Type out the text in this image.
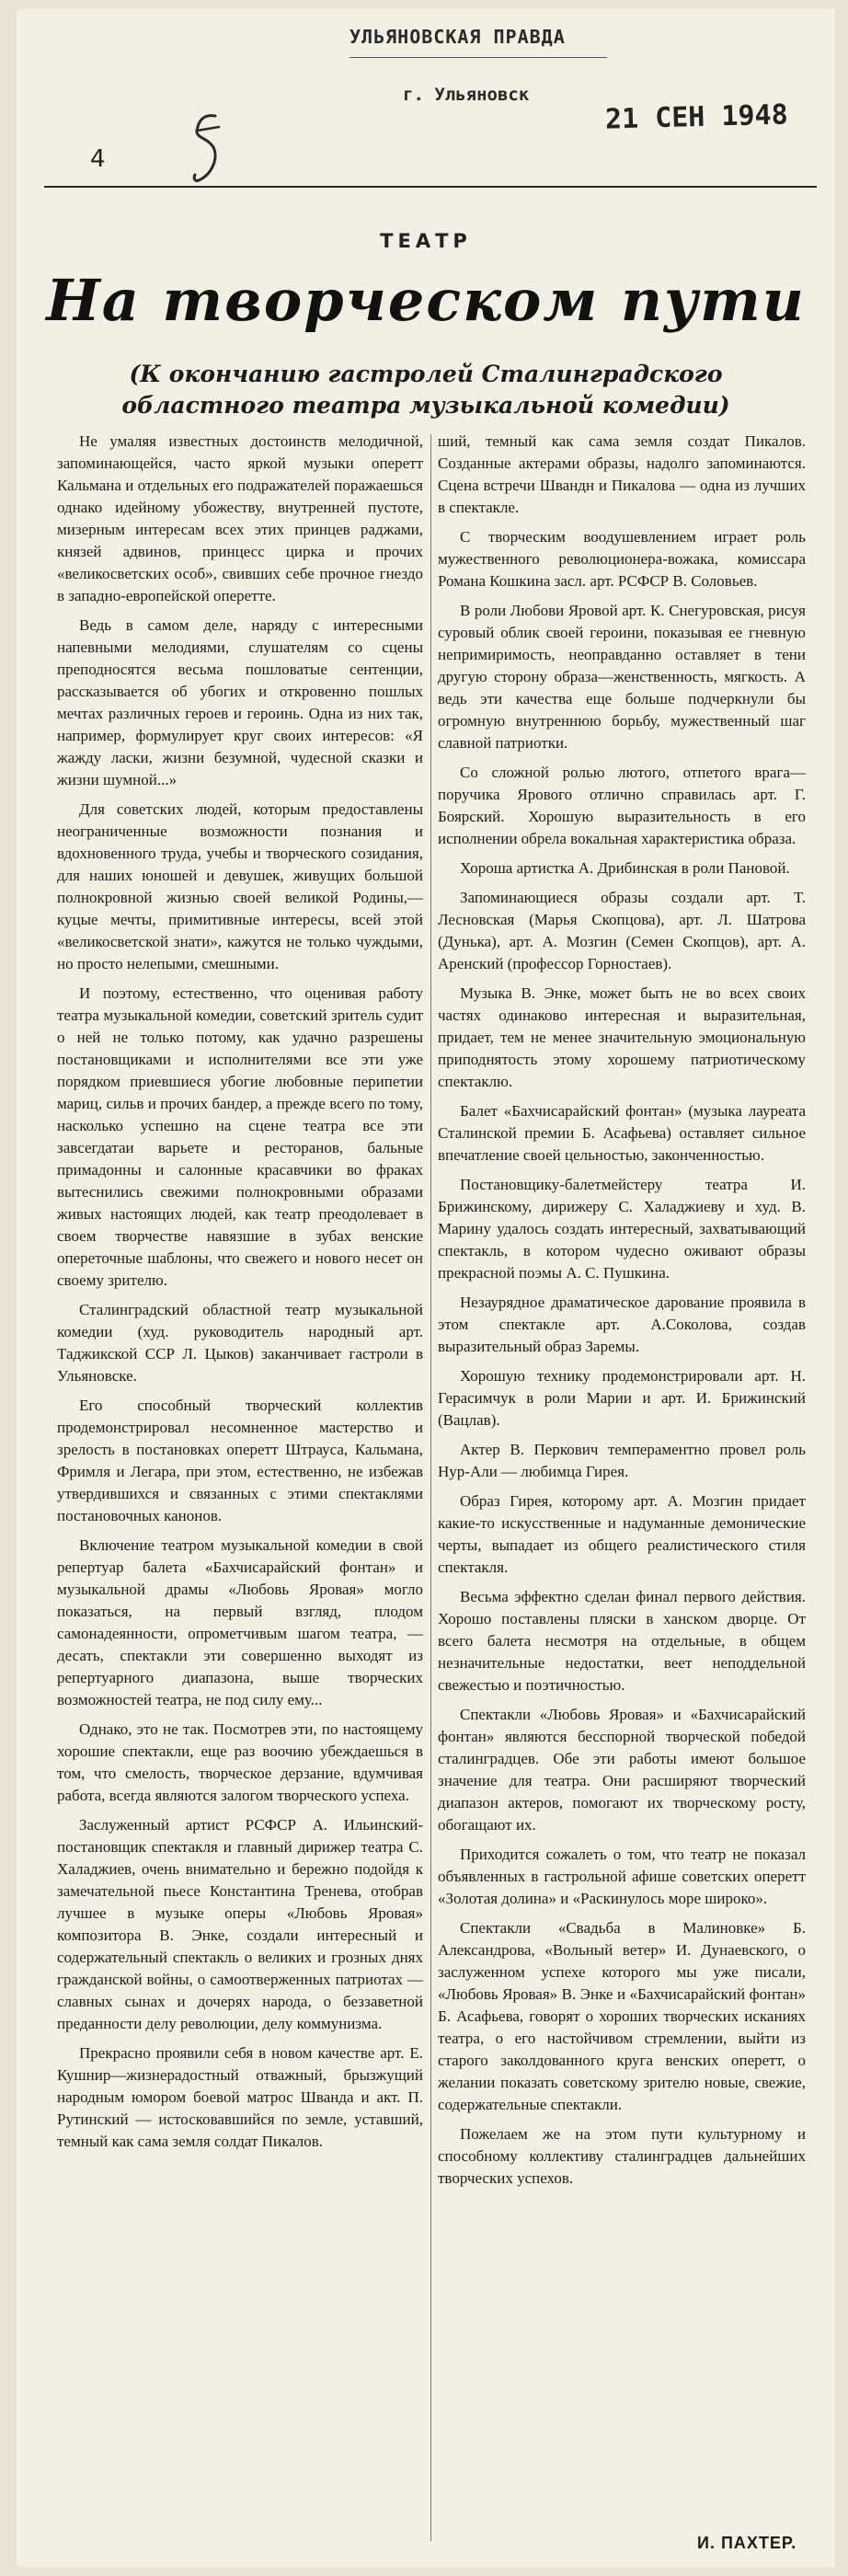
УЛЬЯНОВСКАЯ ПРАВДА
г. Ульяновск
21 СЕН 1948
4
ТЕАТР
На творческом пути
(К окончанию гастролей Сталинградского областного театра музыкальной комедии)

Не умаляя известных достоинств мелодичной, запоминающейся, часто яркой музыки оперетт Кальмана и отдельных его подражателей поражаешься однако идейному убожеству, внутренней пустоте, мизерным интересам всех этих принцев раджами, князей адвинов, принцесс цирка и прочих «великосветских особ», свивших себе прочное гнездо в западно-европейской оперетте.

Ведь в самом деле, наряду с интересными напевными мелодиями, слушателям со сцены преподносятся весьма пошловатые сентенции, рассказывается об убогих и откровенно пошлых мечтах различных героев и героинь. Одна из них так, например, формулирует круг своих интересов: «Я жажду ласки, жизни безумной, чудесной сказки и жизни шумной...»

Для советских людей, которым предоставлены неограниченные возможности познания и вдохновенного труда, учебы и творческого созидания, для наших юношей и девушек, живущих большой полнокровной жизнью своей великой Родины,— куцые мечты, примитивные интересы, всей этой «великосветской знати», кажутся не только чуждыми, но просто нелепыми, смешными.

И поэтому, естественно, что оценивая работу театра музыкальной комедии, советский зритель судит о ней не только потому, как удачно разрешены постановщиками и исполнителями все эти уже порядком приевшиеся убогие любовные перипетии мариц, сильв и прочих бандер, а прежде всего по тому, насколько успешно на сцене театра все эти завсегдатаи варьете и ресторанов, бальные примадонны и салонные красавчики во фраках вытеснились свежими полнокровными образами живых настоящих людей, как театр преодолевает в своем творчестве навязшие в зубах венские опереточные шаблоны, что свежего и нового несет он своему зрителю.

Сталинградский областной театр музыкальной комедии (худ. руководитель народный арт. Таджикской ССР Л. Цыков) заканчивает гастроли в Ульяновске.

Его способный творческий коллектив продемонстрировал несомненное мастерство и зрелость в постановках оперетт Штрауса, Кальмана, Фримля и Легара, при этом, естественно, не избежав утвердившихся и связанных с этими спектаклями постановочных канонов.

Включение театром музыкальной комедии в свой репертуар балета «Бахчисарайский фонтан» и музыкальной драмы «Любовь Яровая» могло показаться, на первый взгляд, плодом самонадеянности, опрометчивым шагом театра, — десать, спектакли эти совершенно выходят из репертуарного диапазона, выше творческих возможностей театра, не под силу ему...

Однако, это не так. Посмотрев эти, по настоящему хорошие спектакли, еще раз воочию убеждаешься в том, что смелость, творческое дерзание, вдумчивая работа, всегда являются залогом творческого успеха.

Заслуженный артист РСФСР А. Ильинский-постановщик спектакля и главный дирижер театра С. Халаджиев, очень внимательно и бережно подойдя к замечательной пьесе Константина Тренева, отобрав лучшее в музыке оперы «Любовь Яровая» композитора В. Энке, создали интересный и содержательный спектакль о великих и грозных днях гражданской войны, о самоотверженных патриотах — славных сынах и дочерях народа, о беззаветной преданности делу революции, делу коммунизма.

Прекрасно проявили себя в новом качестве арт. Е. Кушнир—жизнерадостный отважный, брызжущий народным юмором боевой матрос Шванда и акт. П. Рутинский — истосковавшийся по земле, уставший, темный как сама земля солдат Пикалов.

ший, темный как сама земля создат Пикалов. Созданные актерами образы, надолго запоминаются. Сцена встречи Швандн и Пикалова — одна из лучших в спектакле.

С творческим воодушевлением играет роль мужественного революционера-вожака, комиссара Романа Кошкина засл. арт. РСФСР В. Соловьев.

В роли Любови Яровой арт. К. Снегуровская, рисуя суровый облик своей героини, показывая ее гневную непримиримость, неоправданно оставляет в тени другую сторону образа—женственность, мягкость. А ведь эти качества еще больше подчеркнули бы огромную внутреннюю борьбу, мужественный шаг славной патриотки.

Со сложной ролью лютого, отпетого врага—поручика Ярового отлично справилась арт. Г. Боярский. Хорошую выразительность в его исполнении обрела вокальная характеристика образа.

Хороша артистка А. Дрибинская в роли Пановой.

Запоминающиеся образы создали арт. Т. Лесновская (Марья Скопцова), арт. Л. Шатрова (Дунька), арт. А. Мозгин (Семен Скопцов), арт. А. Аренский (профессор Горностаев).

Музыка В. Энке, может быть не во всех своих частях одинаково интересная и выразительная, придает, тем не менее значительную эмоциональную приподнятость этому хорошему патриотическому спектаклю.

Балет «Бахчисарайский фонтан» (музыка лауреата Сталинской премии Б. Асафьева) оставляет сильное впечатление своей цельностью, законченностью.

Постановщику-балетмейстеру театра И. Брижинскому, дирижеру С. Халаджиеву и худ. В. Марину удалось создать интересный, захватывающий спектакль, в котором чудесно оживают образы прекрасной поэмы А. С. Пушкина.

Незаурядное драматическое дарование проявила в этом спектакле арт. А.Соколова, создав выразительный образ Заремы.

Хорошую технику продемонстрировали арт. Н. Герасимчук в роли Марии и арт. И. Брижинский (Вацлав).

Актер В. Перкович темпераментно провел роль Нур-Али — любимца Гирея.

Образ Гирея, которому арт. А. Мозгин придает какие-то искусственные и надуманные демонические черты, выпадает из общего реалистического стиля спектакля.

Весьма эффектно сделан финал первого действия. Хорошо поставлены пляски в ханском дворце. От всего балета несмотря на отдельные, в общем незначительные недостатки, веет неподдельной свежестью и поэтичностью.

Спектакли «Любовь Яровая» и «Бахчисарайский фонтан» являются бесспорной творческой победой сталинградцев. Обе эти работы имеют большое значение для театра. Они расширяют творческий диапазон актеров, помогают их творческому росту, обогащают их.

Приходится сожалеть о том, что театр не показал объявленных в гастрольной афише советских оперетт «Золотая долина» и «Раскинулось море широко».

Спектакли «Свадьба в Малиновке» Б. Александрова, «Вольный ветер» И. Дунаевского, о заслуженном успехе которого мы уже писали, «Любовь Яровая» В. Энке и «Бахчисарайский фонтан» Б. Асафьева, говорят о хороших творческих исканиях театра, о его настойчивом стремлении, выйти из старого заколдованного круга венских оперетт, о желании показать советскому зрителю новые, свежие, содержательные спектакли.

Пожелаем же на этом пути культурному и способному коллективу сталинградцев дальнейших творческих успехов.

И. ПАХТЕР.
